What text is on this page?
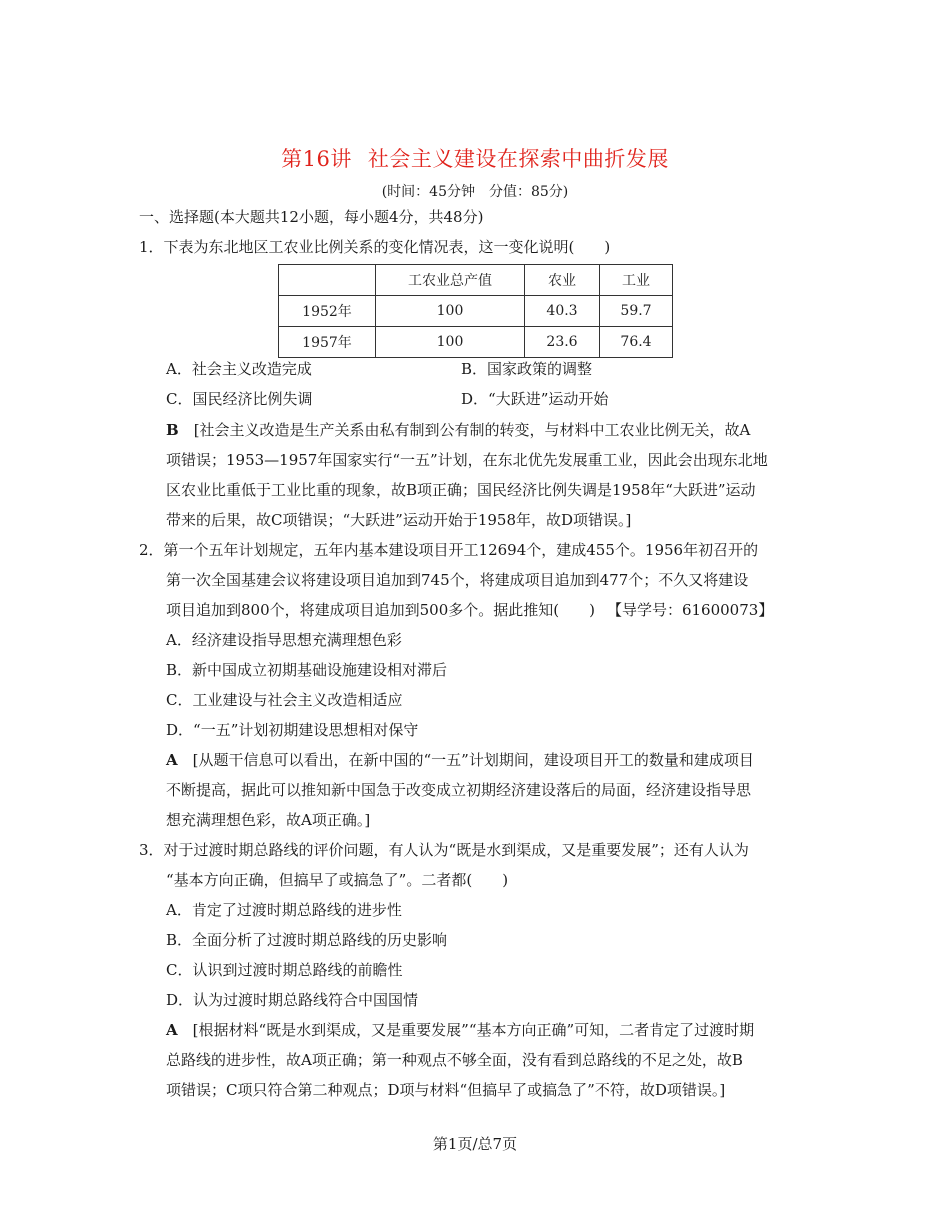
第16讲 社会主义建设在探索中曲折发展
(时间：45分钟　分值：85分)
一、选择题(本大题共12小题，每小题4分，共48分)
1．下表为东北地区工农业比例关系的变化情况表，这一变化说明(　　)
	工农业总产值	农业	工业
1952年	100	40.3	59.7
1957年	100	23.6	76.4
A．社会主义改造完成	B．国家政策的调整
C．国民经济比例失调	D．“大跃进”运动开始
B　 [社会主义改造是生产关系由私有制到公有制的转变，与材料中工农业比例无关，故A
项错误；1953—1957年国家实行“一五”计划，在东北优先发展重工业，因此会出现东北地
区农业比重低于工业比重的现象，故B项正确；国民经济比例失调是1958年“大跃进”运动
带来的后果，故C项错误；“大跃进”运动开始于1958年，故D项错误。]
2．第一个五年计划规定，五年内基本建设项目开工12694个，建成455个。1956年初召开的
第一次全国基建会议将建设项目追加到745个，将建成项目追加到477个；不久又将建设
项目追加到800个，将建成项目追加到500多个。据此推知(　　) 【导学号：61600073】
A．经济建设指导思想充满理想色彩
B．新中国成立初期基础设施建设相对滞后
C．工业建设与社会主义改造相适应
D．“一五”计划初期建设思想相对保守
A　 [从题干信息可以看出，在新中国的“一五”计划期间，建设项目开工的数量和建成项目
不断提高，据此可以推知新中国急于改变成立初期经济建设落后的局面，经济建设指导思
想充满理想色彩，故A项正确。]
3．对于过渡时期总路线的评价问题，有人认为“既是水到渠成，又是重要发展”；还有人认为
“基本方向正确，但搞早了或搞急了”。二者都(　　)
A．肯定了过渡时期总路线的进步性
B．全面分析了过渡时期总路线的历史影响
C．认识到过渡时期总路线的前瞻性
D．认为过渡时期总路线符合中国国情
A　 [根据材料“既是水到渠成，又是重要发展”“基本方向正确”可知，二者肯定了过渡时期
总路线的进步性，故A项正确；第一种观点不够全面，没有看到总路线的不足之处，故B
项错误；C项只符合第二种观点；D项与材料“但搞早了或搞急了”不符，故D项错误。]
第1页/总7页
